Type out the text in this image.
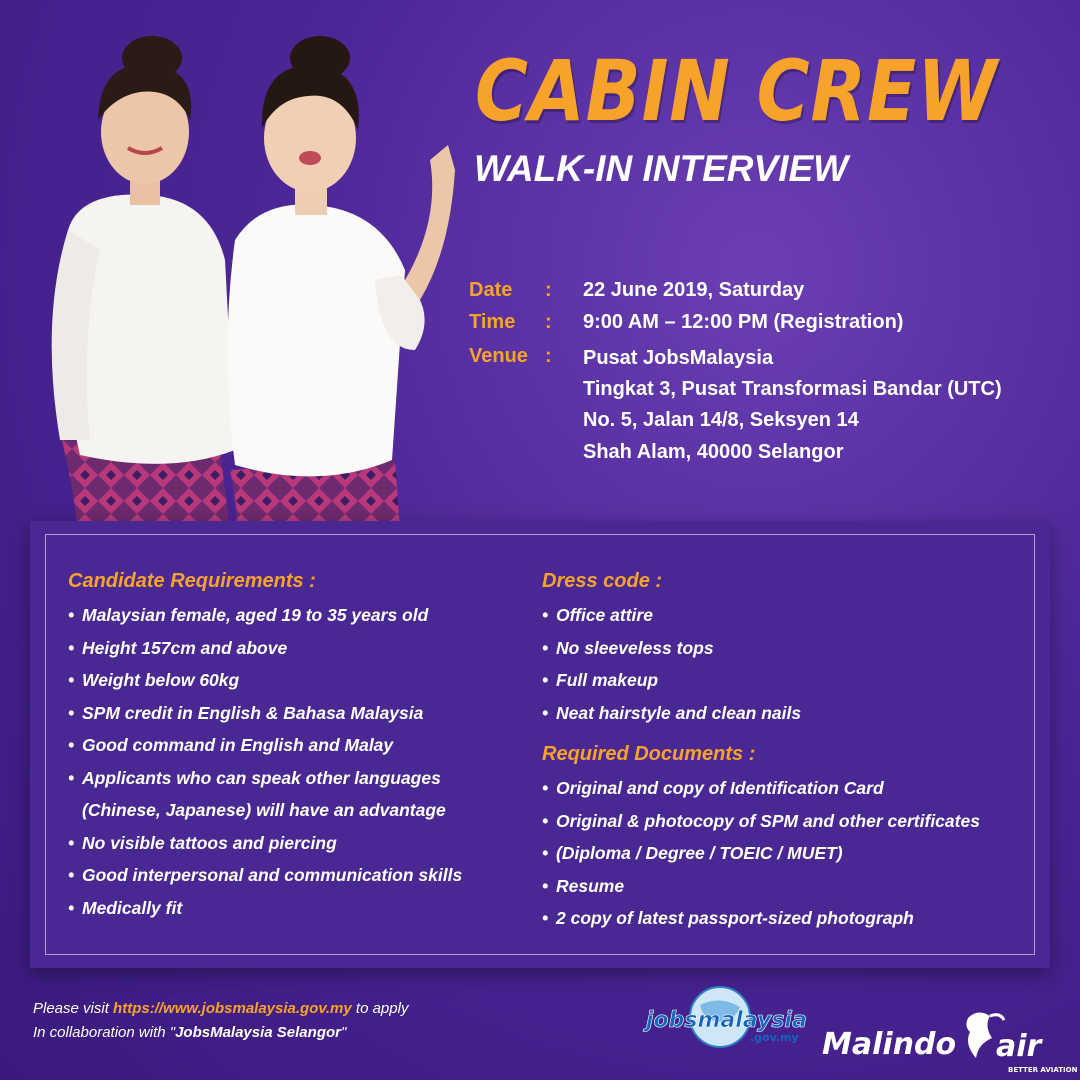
CABIN CREW
WALK-IN INTERVIEW
Date : 22 June 2019, Saturday
Time : 9:00 AM – 12:00 PM (Registration)
Venue : Pusat JobsMalaysia
Tingkat 3, Pusat Transformasi Bandar (UTC)
No. 5, Jalan 14/8, Seksyen 14
Shah Alam, 40000 Selangor
Candidate Requirements :
• Malaysian female, aged 19 to 35 years old
• Height 157cm and above
• Weight below 60kg
• SPM credit in English & Bahasa Malaysia
• Good command in English and Malay
• Applicants who can speak other languages
(Chinese, Japanese) will have an advantage
• No visible tattoos and piercing
• Good interpersonal and communication skills
• Medically fit
Dress code :
• Office attire
• No sleeveless tops
• Full makeup
• Neat hairstyle and clean nails
Required Documents :
• Original and copy of Identification Card
• Original & photocopy of SPM and other certificates
• (Diploma / Degree / TOEIC / MUET)
• Resume
• 2 copy of latest passport-sized photograph
Please visit https://www.jobsmalaysia.gov.my to apply
In collaboration with "JobsMalaysia Selangor"	jobsmalaysia
.gov.my Malindo air
BETTER AVIATION
